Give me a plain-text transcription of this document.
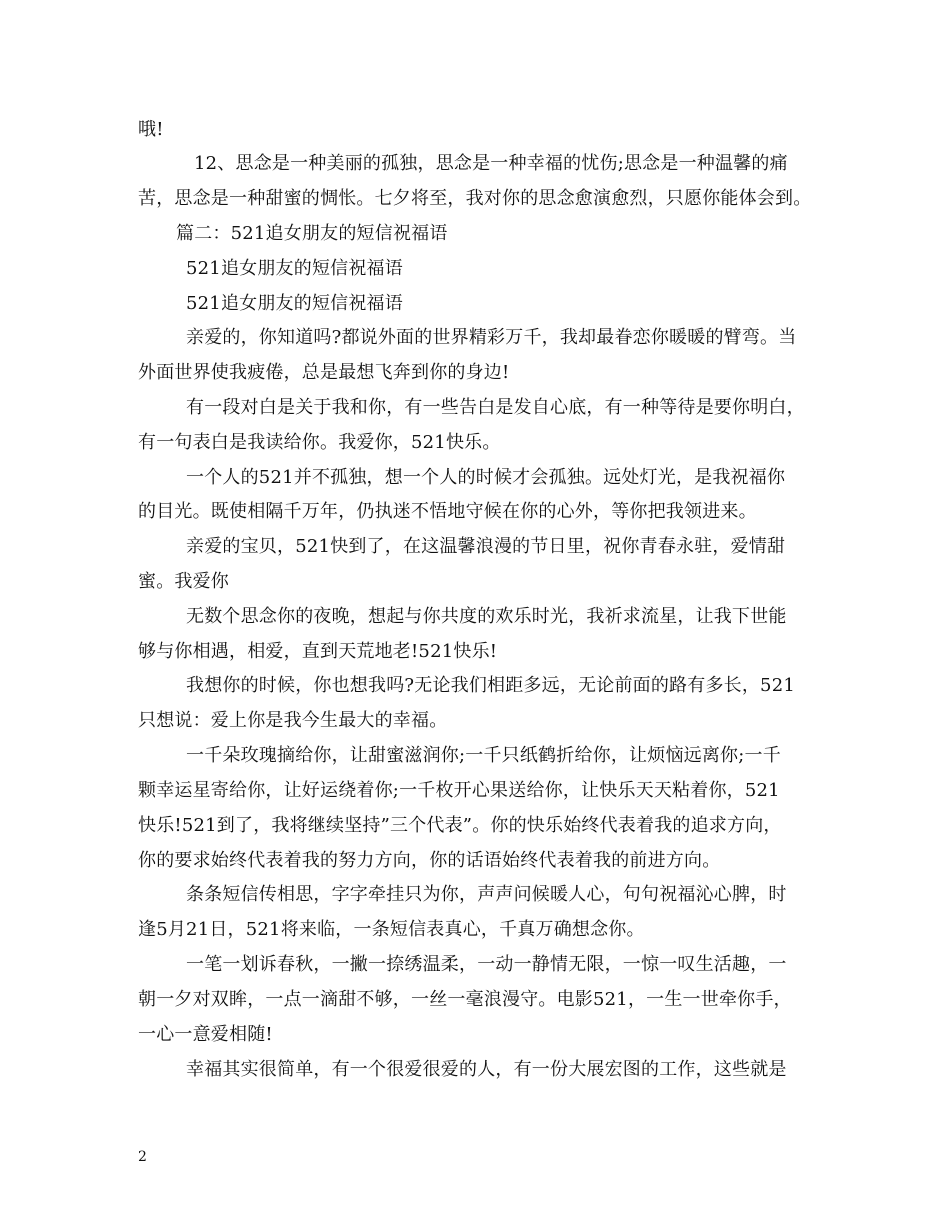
哦!
12、思念是一种美丽的孤独，思念是一种幸福的忧伤;思念是一种温馨的痛
苦，思念是一种甜蜜的惆怅。七夕将至，我对你的思念愈演愈烈，只愿你能体会到。
篇二：521追女朋友的短信祝福语
521追女朋友的短信祝福语
521追女朋友的短信祝福语
亲爱的，你知道吗?都说外面的世界精彩万千，我却最眷恋你暖暖的臂弯。当
外面世界使我疲倦，总是最想飞奔到你的身边!
有一段对白是关于我和你，有一些告白是发自心底，有一种等待是要你明白，
有一句表白是我读给你。我爱你，521快乐。
一个人的521并不孤独，想一个人的时候才会孤独。远处灯光，是我祝福你
的目光。既使相隔千万年，仍执迷不悟地守候在你的心外，等你把我领进来。
亲爱的宝贝，521快到了，在这温馨浪漫的节日里，祝你青春永驻，爱情甜
蜜。我爱你
无数个思念你的夜晚，想起与你共度的欢乐时光，我祈求流星，让我下世能
够与你相遇，相爱，直到天荒地老!521快乐!
我想你的时候，你也想我吗?无论我们相距多远，无论前面的路有多长，521
只想说：爱上你是我今生最大的幸福。
一千朵玫瑰摘给你，让甜蜜滋润你;一千只纸鹤折给你，让烦恼远离你;一千
颗幸运星寄给你，让好运绕着你;一千枚开心果送给你，让快乐天天粘着你，521
快乐!521到了，我将继续坚持”三个代表”。你的快乐始终代表着我的追求方向，
你的要求始终代表着我的努力方向，你的话语始终代表着我的前进方向。
条条短信传相思，字字牵挂只为你，声声问候暖人心，句句祝福沁心脾，时
逢5月21日，521将来临，一条短信表真心，千真万确想念你。
一笔一划诉春秋，一撇一捺绣温柔，一动一静情无限，一惊一叹生活趣，一
朝一夕对双眸，一点一滴甜不够，一丝一毫浪漫守。电影521，一生一世牵你手，
一心一意爱相随!
幸福其实很简单，有一个很爱很爱的人，有一份大展宏图的工作，这些就是
2
